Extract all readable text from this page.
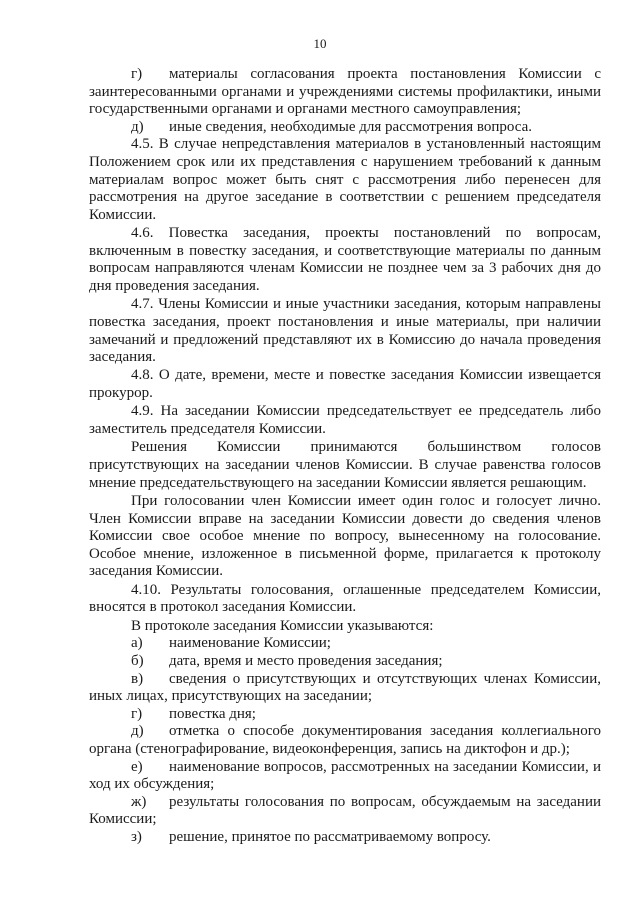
10

г) материалы согласования проекта постановления Комиссии с заинтересованными органами и учреждениями системы профилактики, иными государственными органами и органами местного самоуправления;

д) иные сведения, необходимые для рассмотрения вопроса.

4.5. В случае непредставления материалов в установленный настоящим Положением срок или их представления с нарушением требований к данным материалам вопрос может быть снят с рассмотрения либо перенесен для рассмотрения на другое заседание в соответствии с решением председателя Комиссии.

4.6. Повестка заседания, проекты постановлений по вопросам, включенным в повестку заседания, и соответствующие материалы по данным вопросам направляются членам Комиссии не позднее чем за 3 рабочих дня до дня проведения заседания.

4.7. Члены Комиссии и иные участники заседания, которым направлены повестка заседания, проект постановления и иные материалы, при наличии замечаний и предложений представляют их в Комиссию до начала проведения заседания.

4.8. О дате, времени, месте и повестке заседания Комиссии извещается прокурор.

4.9. На заседании Комиссии председательствует ее председатель либо заместитель председателя Комиссии.

Решения Комиссии принимаются большинством голосов присутствующих на заседании членов Комиссии. В случае равенства голосов мнение председательствующего на заседании Комиссии является решающим.

При голосовании член Комиссии имеет один голос и голосует лично. Член Комиссии вправе на заседании Комиссии довести до сведения членов Комиссии свое особое мнение по вопросу, вынесенному на голосование. Особое мнение, изложенное в письменной форме, прилагается к протоколу заседания Комиссии.

4.10. Результаты голосования, оглашенные председателем Комиссии, вносятся в протокол заседания Комиссии.

В протоколе заседания Комиссии указываются:

а) наименование Комиссии;

б) дата, время и место проведения заседания;

в) сведения о присутствующих и отсутствующих членах Комиссии, иных лицах, присутствующих на заседании;

г) повестка дня;

д) отметка о способе документирования заседания коллегиального органа (стенографирование, видеоконференция, запись на диктофон и др.);

е) наименование вопросов, рассмотренных на заседании Комиссии, и ход их обсуждения;

ж) результаты голосования по вопросам, обсуждаемым на заседании Комиссии;

з) решение, принятое по рассматриваемому вопросу.
